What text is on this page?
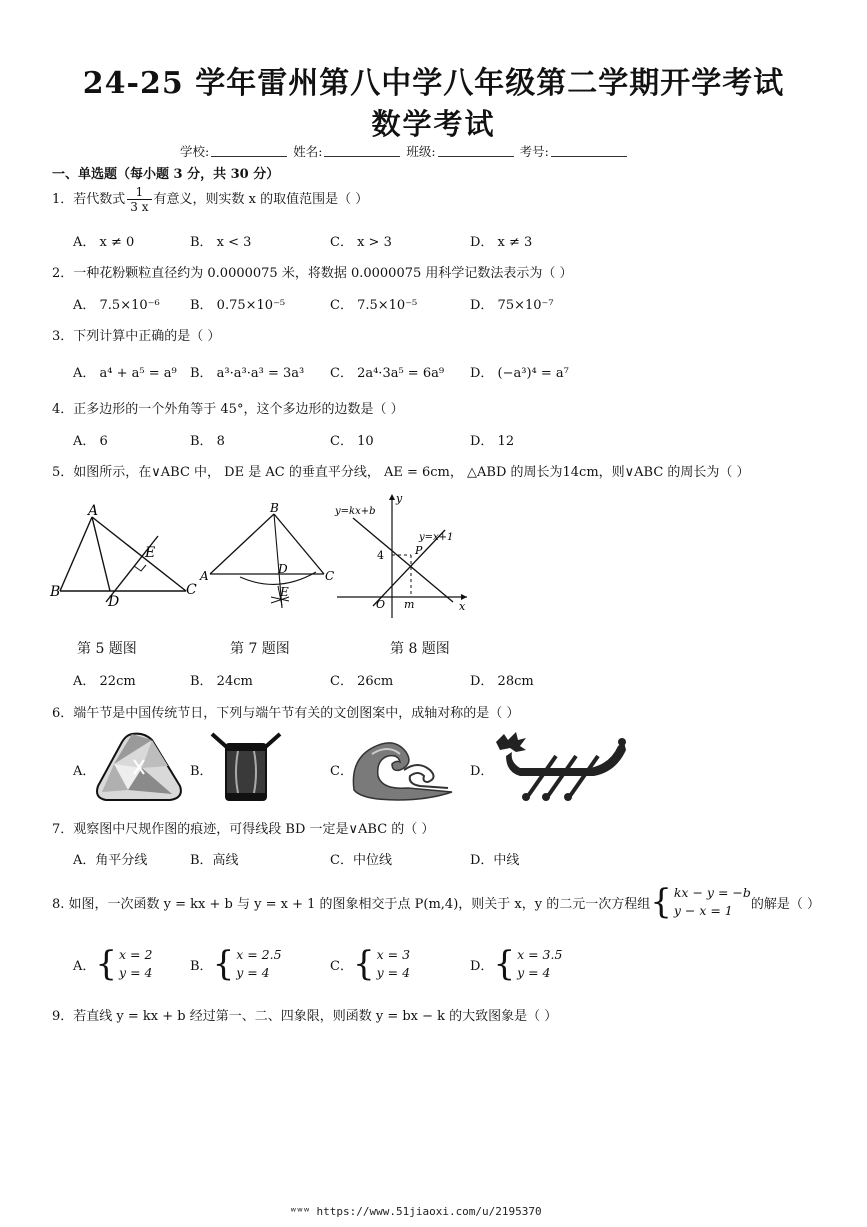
24-25 学年雷州第八中学八年级第二学期开学考试
数学考试
学校:	姓名:	班级:	考号:
一、单选题（每小题 3 分，共 30 分）
1．若代数式 $\frac{1}{3 x}$ 有意义，则实数 x 的取值范围是（ ）
A． x ≠ 0	B． x < 3	C． x > 3	D． x ≠ 3
2．一种花粉颗粒直径约为 0.0000075 米，将数据 0.0000075 用科学记数法表示为（ ）
A． 7.5×10⁻⁶ B． 0.75×10⁻⁵	C． 7.5×10⁻⁵	D． 75×10⁻⁷
3．下列计算中正确的是（ ）
A． a⁴ + a⁵ = a⁹ B． a³·a³·a³ = 3a³ C． 2a⁴·3a⁵ = 6a⁹ D． (−a³)⁴ = a⁷
4．正多边形的一个外角等于 45°，这个多边形的边数是（ ）
A． 6	B． 8	C． 10	D． 12
5．如图所示，在∨ABC 中， DE 是 AC 的垂直平分线， AE = 6cm， △ABD 的周长为14cm，则∨ABC 的周长为（ ）
A
B	C
D
E
B
A	C
D
E
y=kx+b
y
y=x+1
P
4
O m	x
第 5 题图	第 7 题图	第 8 题图
A． 22cm	B． 24cm	C． 26cm	D． 28cm
6．端午节是中国传统节日，下列与端午节有关的文创图案中，成轴对称的是（ ）
A．	B．	C．	D．
7．观察图中尺规作图的痕迹，可得线段 BD 一定是∨ABC 的（ ）
A．角平分线	B．高线	C．中位线	D．中线
8. 如图，一次函数 y = kx + b 与 y = x + 1 的图象相交于点 P(m,4)，则关于 x，y 的二元一次方程组 { kx − y = −b
y − x = 1	的解是（ ）
A． { x = 2
y = 4	B． { x = 2.5
y = 4	C． { x = 3
y = 4	D． { x = 3.5
y = 4
9．若直线 y = kx + b 经过第一、二、四象限，则函数 y = bx − k 的大致图象是（ ）
ʷʷʷ https://www.51jiaoxi.com/u/2195370
